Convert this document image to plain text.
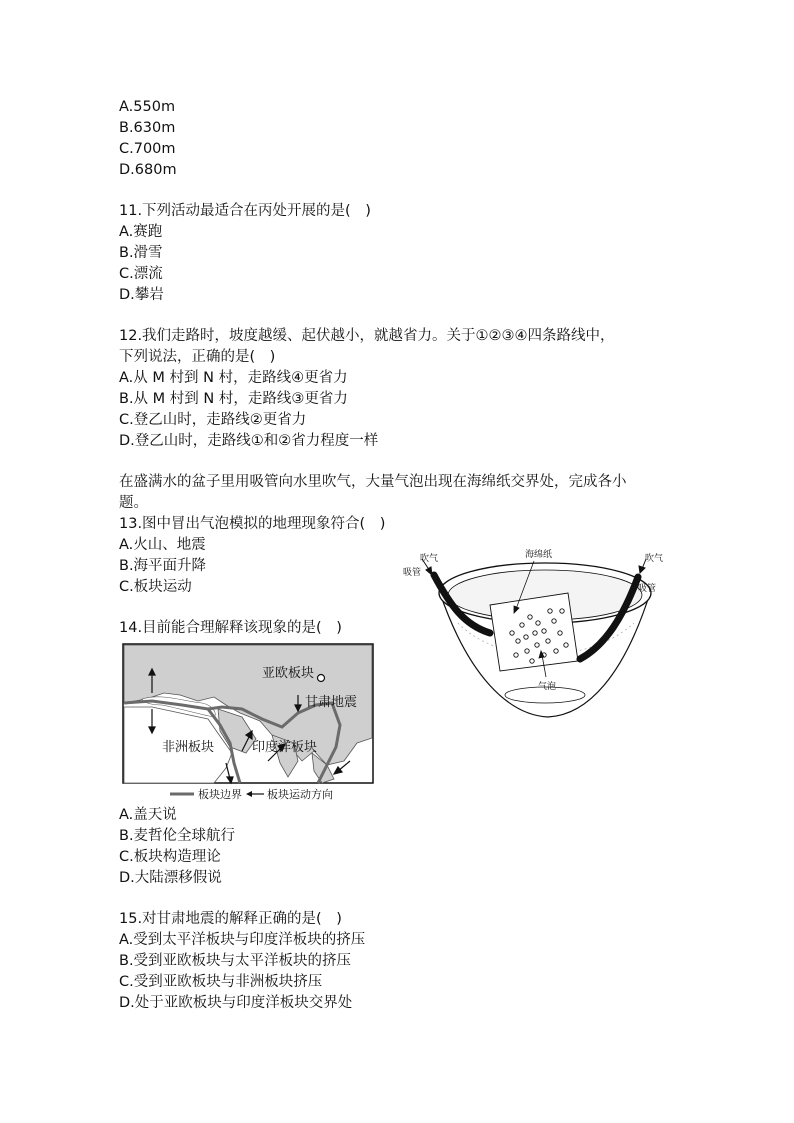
A.550m
B.630m
C.700m
D.680m
11.下列活动最适合在丙处开展的是(　)
A.赛跑
B.滑雪
C.漂流
D.攀岩
12.我们走路时，坡度越缓、起伏越小，就越省力。关于①②③④四条路线中，
下列说法，正确的是(　)
A.从 M 村到 N 村，走路线④更省力
B.从 M 村到 N 村，走路线③更省力
C.登乙山时，走路线②更省力
D.登乙山时，走路线①和②省力程度一样
在盛满水的盆子里用吸管向水里吹气，大量气泡出现在海绵纸交界处，完成各小
题。
13.图中冒出气泡模拟的地理现象符合(　)
A.火山、地震
B.海平面升降
C.板块运动
14.目前能合理解释该现象的是(　)
亚欧板块
甘肃地震
非洲板块	印度洋板块
板块边界 板块运动方向
吹气
吸管
海绵纸	吹气
吸管
气泡
A.盖天说
B.麦哲伦全球航行
C.板块构造理论
D.大陆漂移假说
15.对甘肃地震的解释正确的是(　)
A.受到太平洋板块与印度洋板块的挤压
B.受到亚欧板块与太平洋板块的挤压
C.受到亚欧板块与非洲板块挤压
D.处于亚欧板块与印度洋板块交界处
